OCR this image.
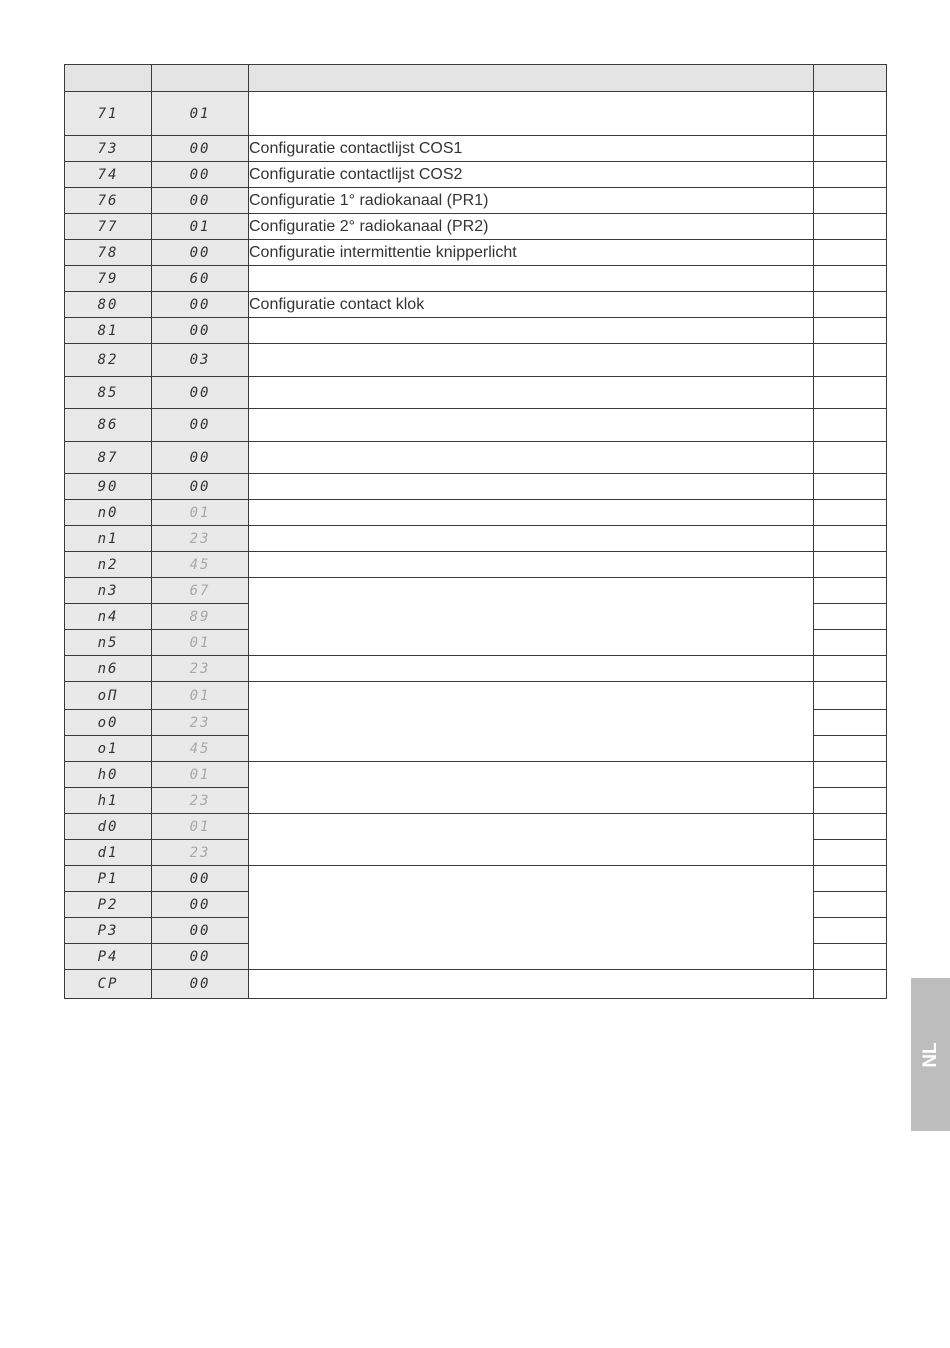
71	01		
73	00	Configuratie contactlijst COS1	
74	00	Configuratie contactlijst COS2	
76	00	Configuratie 1° radiokanaal (PR1)	
77	01	Configuratie 2° radiokanaal (PR2)	
78	00	Configuratie intermittentie knipperlicht	
79	60		
80	00	Configuratie contact klok	
81	00		
82	03		
85	00		
86	00		
87	00		
90	00		
n0	01		
n1	23		
n2	45		
n3	67		
n4	89		
n5	01		
n6	23		
oΠ	01		
o0	23		
o1	45		
h0	01		
h1	23		
d0	01		
d1	23		
P1	00		
P2	00		
P3	00		
P4	00		
CP	00		
NL
